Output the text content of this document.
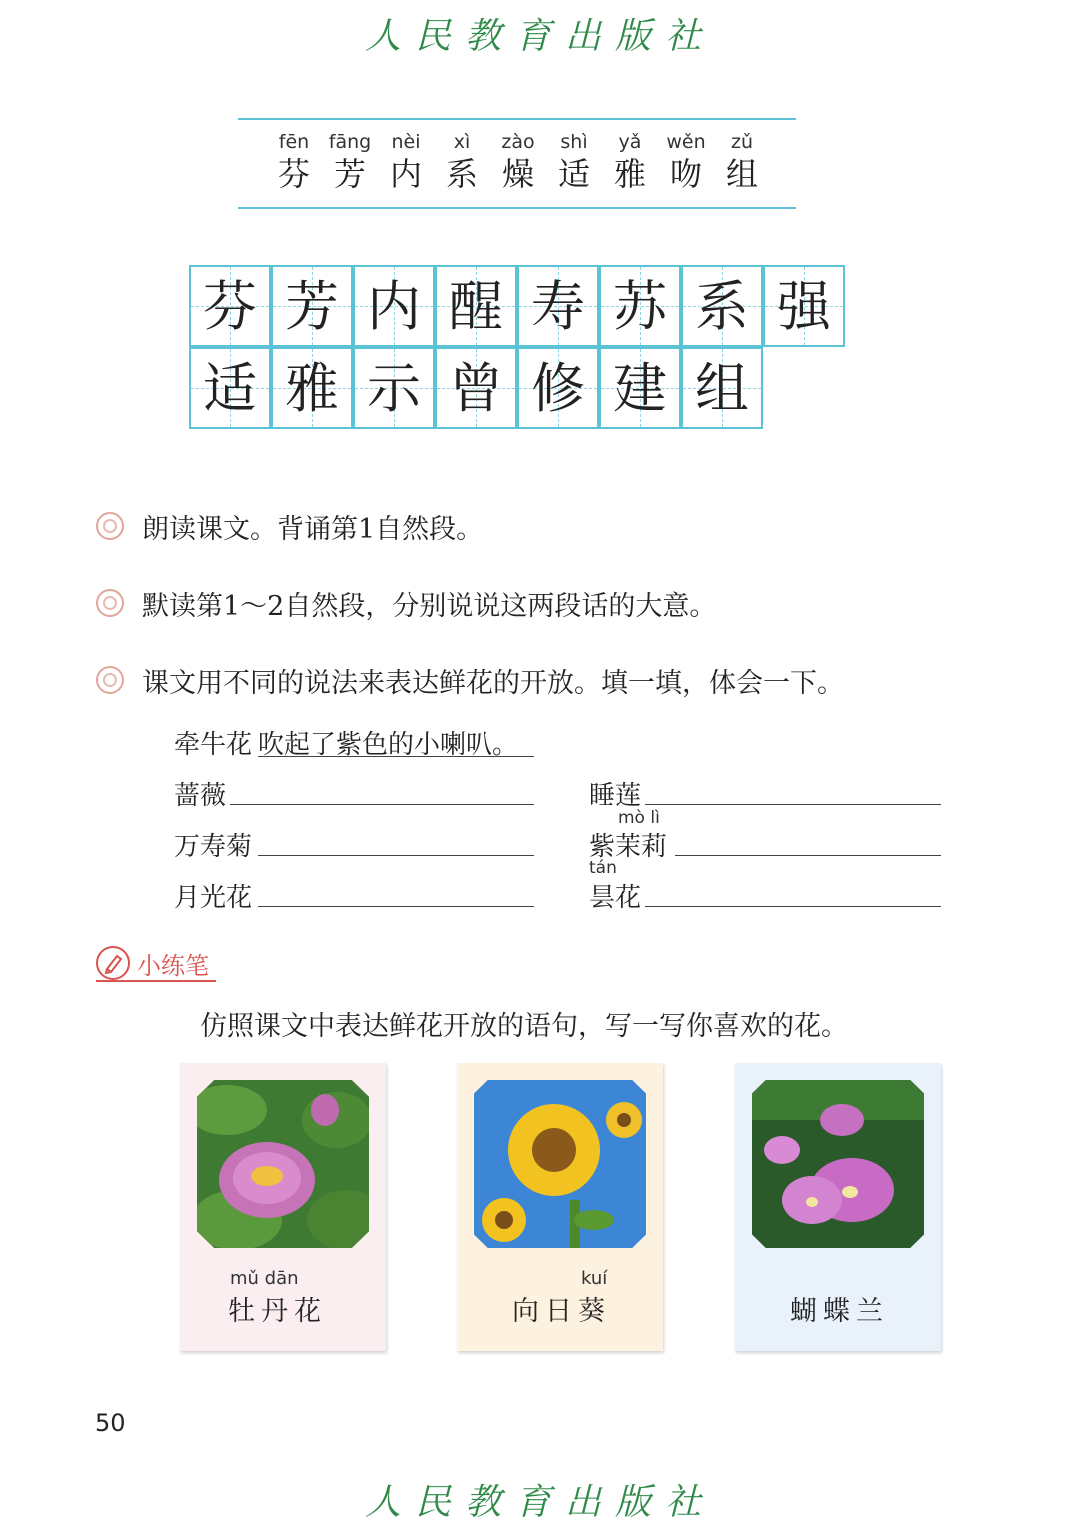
人民教育出版社
fēn
芬
fāng
芳
nèi
内
xì
系
zào
燥
shì
适
yǎ
雅
wěn
吻
zǔ
组
芬 芳 内 醒 寿 苏 系 强
适 雅 示 曾 修 建 组
朗读课文。背诵第1自然段。
默读第1～2自然段，分别说说这两段话的大意。
课文用不同的说法来表达鲜花的开放。填一填，体会一下。
牵牛花 吹起了紫色的小喇叭。
蔷薇
万寿菊
月光花
睡莲
mò lì
紫茉莉
tán
昙花
小练笔
仿照课文中表达鲜花开放的语句，写一写你喜欢的花。
mǔ dān
牡丹花
kuí
向日葵	蝴蝶兰
50
人民教育出版社
